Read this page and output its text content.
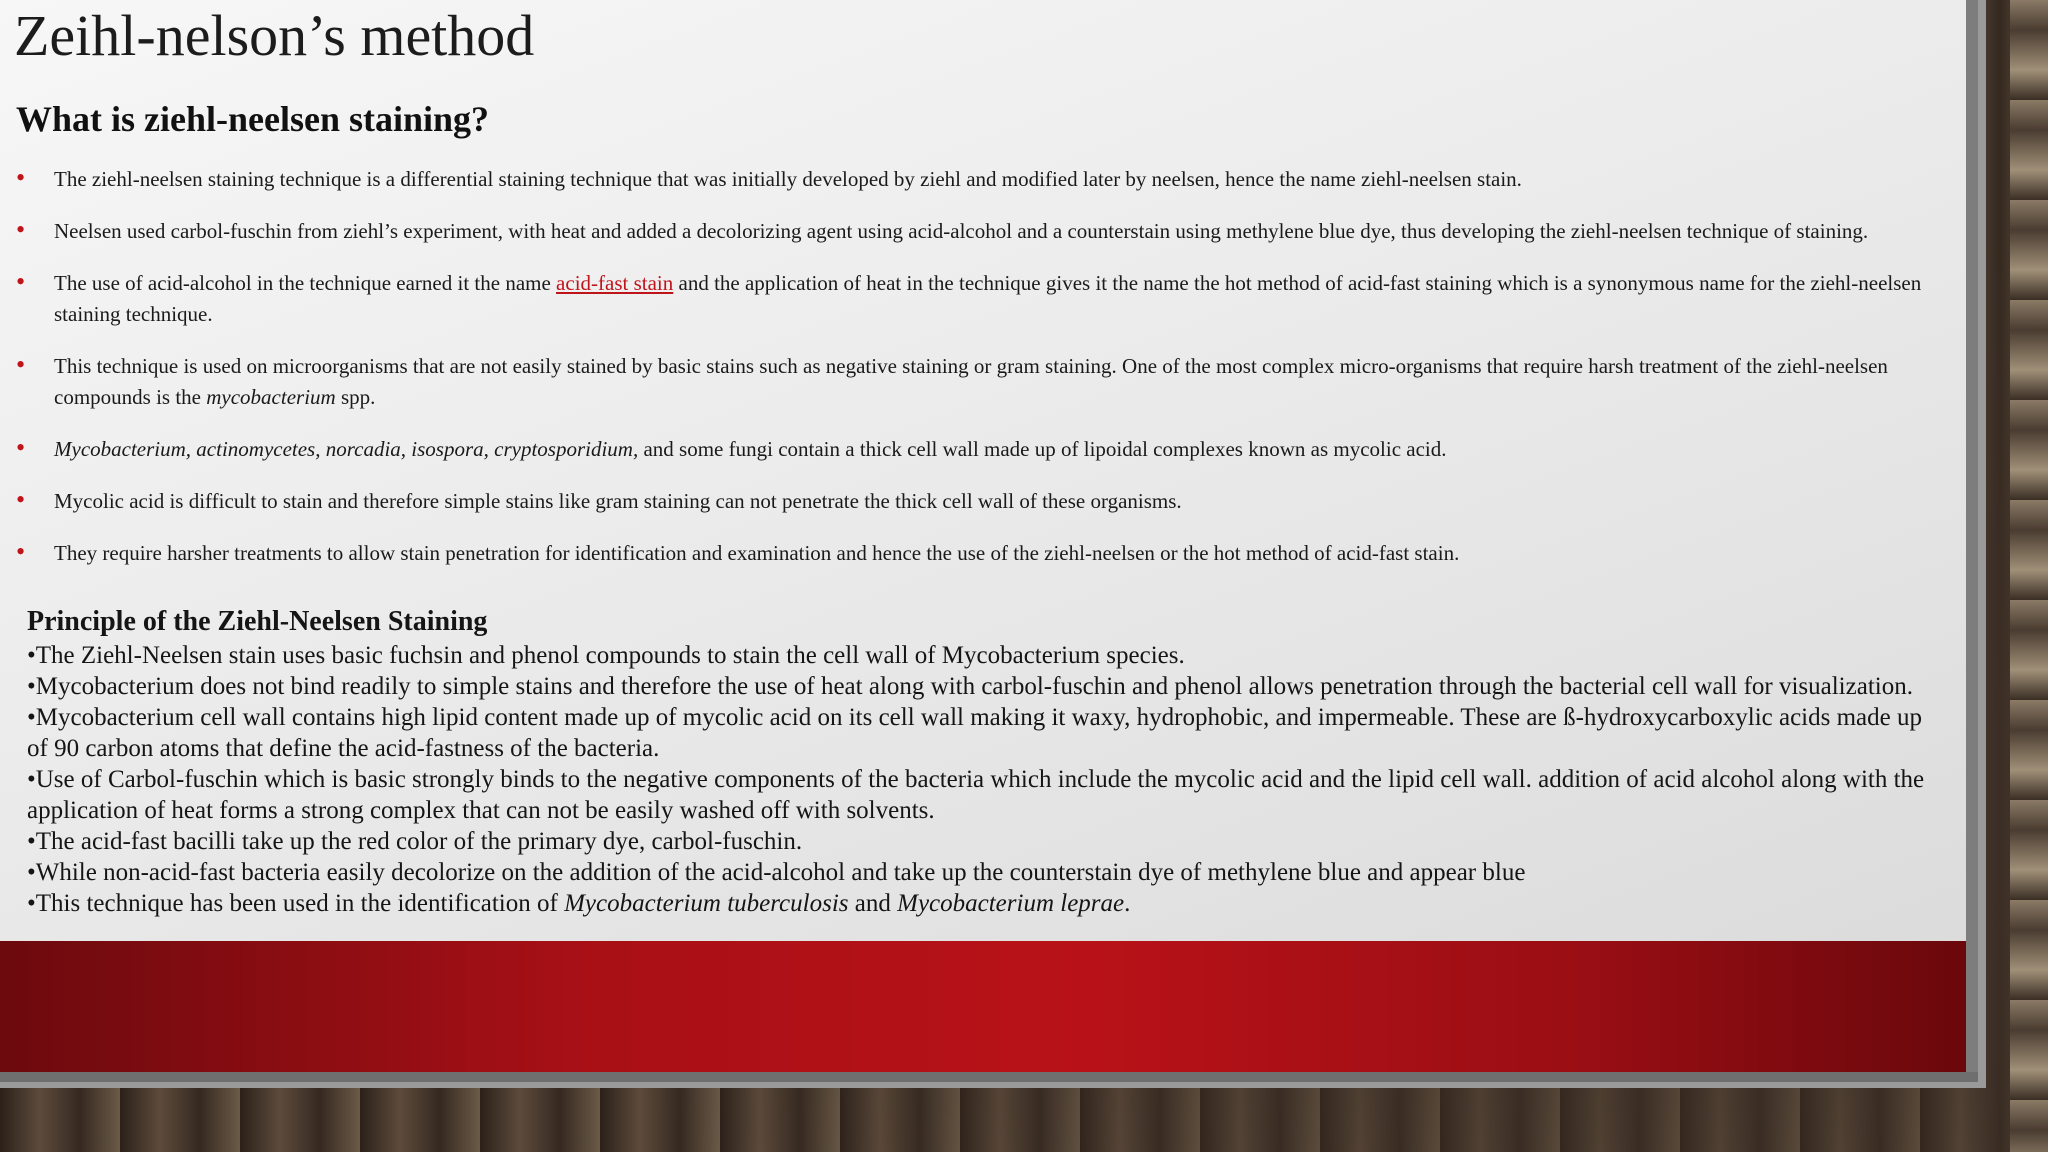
Zeihl-nelson’s method
What is ziehl-neelsen staining?
• The ziehl-neelsen staining technique is a differential staining technique that was initially developed by ziehl and modified later by neelsen, hence the name ziehl-neelsen stain.
• Neelsen used carbol-fuschin from ziehl’s experiment, with heat and added a decolorizing agent using acid-alcohol and a counterstain using methylene blue dye, thus developing the ziehl-neelsen technique of staining.
• The use of acid-alcohol in the technique earned it the name acid-fast stain and the application of heat in the technique gives it the name the hot method of acid-fast staining which is a synonymous name for the ziehl-neelsen staining technique.
• This technique is used on microorganisms that are not easily stained by basic stains such as negative staining or gram staining. One of the most complex micro-organisms that require harsh treatment of the ziehl-neelsen compounds is the mycobacterium spp.
• Mycobacterium, actinomycetes, norcadia, isospora, cryptosporidium, and some fungi contain a thick cell wall made up of lipoidal complexes known as mycolic acid.
• Mycolic acid is difficult to stain and therefore simple stains like gram staining can not penetrate the thick cell wall of these organisms.
• They require harsher treatments to allow stain penetration for identification and examination and hence the use of the ziehl-neelsen or the hot method of acid-fast stain.
Principle of the Ziehl-Neelsen Staining

•The Ziehl-Neelsen stain uses basic fuchsin and phenol compounds to stain the cell wall of Mycobacterium species.

•Mycobacterium does not bind readily to simple stains and therefore the use of heat along with carbol-fuschin and phenol allows penetration through the bacterial cell wall for visualization.

•Mycobacterium cell wall contains high lipid content made up of mycolic acid on its cell wall making it waxy, hydrophobic, and impermeable. These are ß-hydroxycarboxylic acids made up of 90 carbon atoms that define the acid-fastness of the bacteria.

•Use of Carbol-fuschin which is basic strongly binds to the negative components of the bacteria which include the mycolic acid and the lipid cell wall. addition of acid alcohol along with the application of heat forms a strong complex that can not be easily washed off with solvents.

•The acid-fast bacilli take up the red color of the primary dye, carbol-fuschin.

•While non-acid-fast bacteria easily decolorize on the addition of the acid-alcohol and take up the counterstain dye of methylene blue and appear blue

•This technique has been used in the identification of Mycobacterium tuberculosis and Mycobacterium leprae.
